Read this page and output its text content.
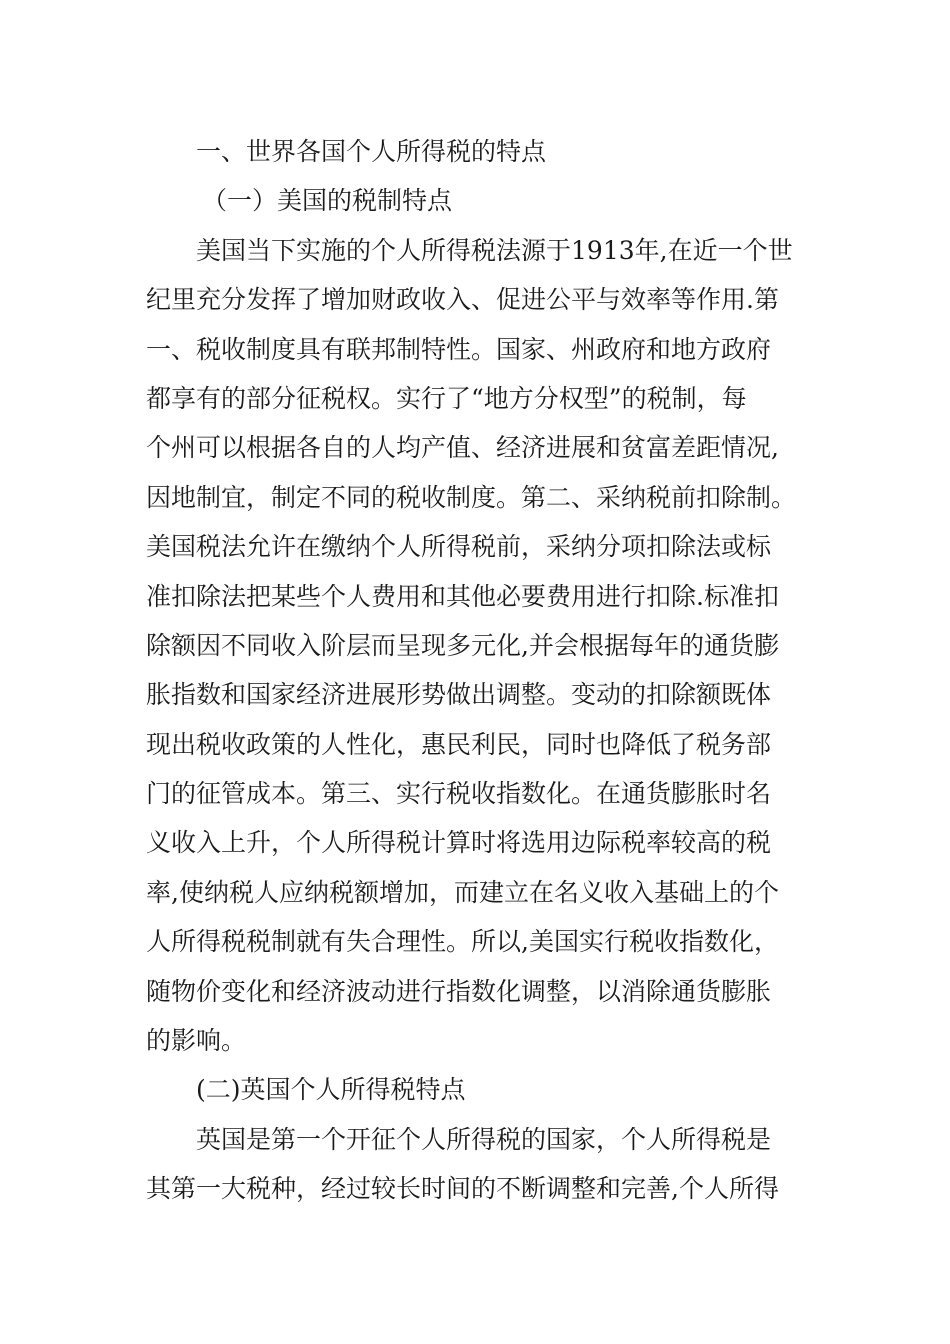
一、世界各国个人所得税的特点
（一）美国的税制特点
美国当下实施的个人所得税法源于1913年,在近一个世
纪里充分发挥了增加财政收入、促进公平与效率等作用.第
一、税收制度具有联邦制特性。国家、州政府和地方政府
都享有的部分征税权。实行了“地方分权型”的税制，每
个州可以根据各自的人均产值、经济进展和贫富差距情况,
因地制宜，制定不同的税收制度。第二、采纳税前扣除制。
美国税法允许在缴纳个人所得税前，采纳分项扣除法或标
准扣除法把某些个人费用和其他必要费用进行扣除.标准扣
除额因不同收入阶层而呈现多元化,并会根据每年的通货膨
胀指数和国家经济进展形势做出调整。变动的扣除额既体
现出税收政策的人性化，惠民利民，同时也降低了税务部
门的征管成本。第三、实行税收指数化。在通货膨胀时名
义收入上升，个人所得税计算时将选用边际税率较高的税
率,使纳税人应纳税额增加，而建立在名义收入基础上的个
人所得税税制就有失合理性。所以,美国实行税收指数化，
随物价变化和经济波动进行指数化调整，以消除通货膨胀
的影响。
(二)英国个人所得税特点
英国是第一个开征个人所得税的国家，个人所得税是
其第一大税种，经过较长时间的不断调整和完善,个人所得
